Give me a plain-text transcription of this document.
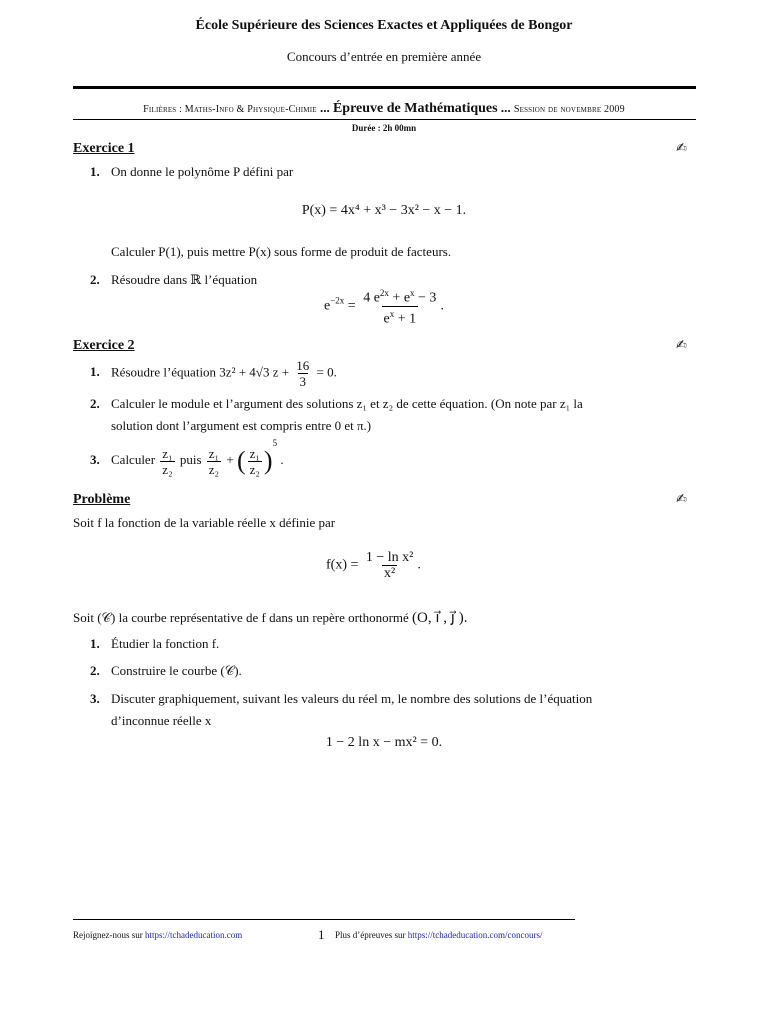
École Supérieure des Sciences Exactes et Appliquées de Bongor
Concours d’entrée en première année
Filières : Maths-Info & Physique-Chimie ... Épreuve de Mathématiques ... Session de novembre 2009
Durée : 2h 00mn
Exercice 1	✍
1. On donne le polynôme P défini par
P(x) = 4x⁴ + x³ − 3x² − x − 1.
Calculer P(1), puis mettre P(x) sous forme de produit de facteurs.
2. Résoudre dans ℝ l’équation
$e^{-2x} = \frac{4 e^{2x} + e^x - 3}{e^x + 1}$ .
Exercice 2	✍
1. Résoudre l’équation 3z² + 4√3 $z + \frac{16}{3} = 0$.
2. Calculer le module et l’argument des solutions z₁ et z₂ de cette équation. (On note par z₁ la
solution dont l’argument est compris entre 0 et π.)
3. Calculer $\frac{\text{z₁}}{\text{z₂}}$ puis $\frac{\text{z₁}}{\text{z₂}}$ + ( $\frac{\text{z₁}}{\text{z₂}} )^5$ .
Problème	✍
Soit f la fonction de la variable réelle x définie par
$f(x) = \frac{\text{1 − ln x²}}{\text{x²}}$ .
Soit (𝒞) la courbe représentative de f dans un repère orthonormé (O, i⃗ , j⃗ ).
1. Étudier la fonction f.
2. Construire le courbe (𝒞).
3. Discuter graphiquement, suivant les valeurs du réel m, le nombre des solutions de l’équation
d’inconnue réelle x
1 − 2 ln x − mx² = 0.
Rejoignez-nous sur https://tchadeducation.com	1 Plus d’épreuves sur https://tchadeducation.com/concours/
